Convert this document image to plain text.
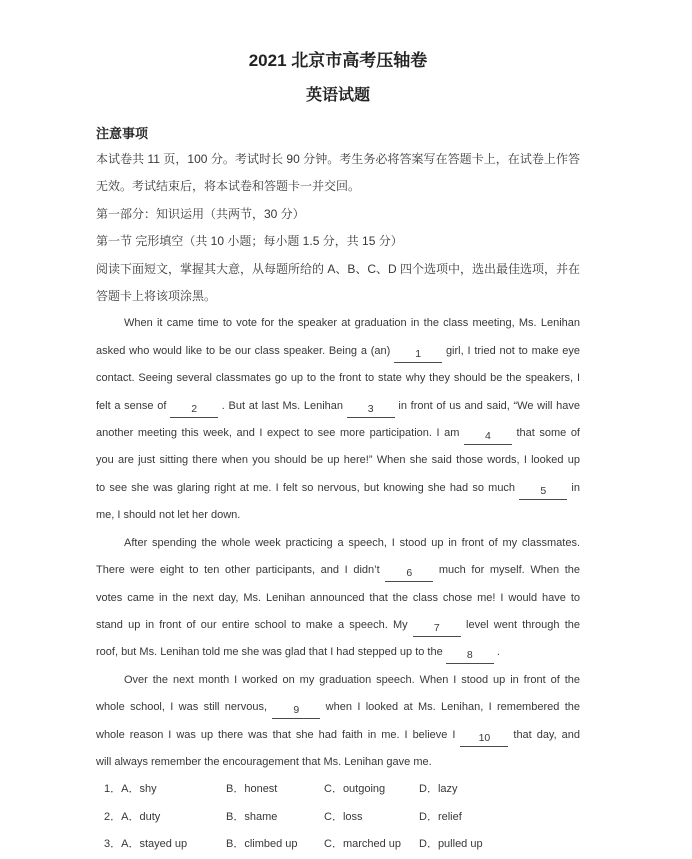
2021 北京市高考压轴卷
英语试题
注意事项
本试卷共 11 页，100 分。考试时长 90 分钟。考生务必将答案写在答题卡上，在试卷上作答
无效。考试结束后，将本试卷和答题卡一并交回。
第一部分：知识运用（共两节，30 分）
第一节 完形填空（共 10 小题；每小题 1.5 分，共 15 分）
阅读下面短文，掌握其大意，从每题所给的 A、B、C、D 四个选项中，选出最佳选项，并在
答题卡上将该项涂黑。
When it came time to vote for the speaker at graduation in the class meeting, Ms. Lenihan
asked who would like to be our class speaker. Being a (an) 1 girl, I tried not to make eye
contact. Seeing several classmates go up to the front to state why they should be the speakers, I
felt a sense of 2 . But at last Ms. Lenihan 3 in front of us and said, “We will have
another meeting this week, and I expect to see more participation. I am 4 that some of
you are just sitting there when you should be up here!” When she said those words, I looked up
to see she was glaring right at me. I felt so nervous, but knowing she had so much 5 in
me, I should not let her down.
After spending the whole week practicing a speech, I stood up in front of my classmates.
There were eight to ten other participants, and I didn’t 6 much for myself. When the
votes came in the next day, Ms. Lenihan announced that the class chose me! I would have to
stand up in front of our entire school to make a speech. My 7 level went through the
roof, but Ms. Lenihan told me she was glad that I had stepped up to the 8 .
Over the next month I worked on my graduation speech. When I stood up in front of the
whole school, I was still nervous, 9 when I looked at Ms. Lenihan, I remembered the
whole reason I was up there was that she had faith in me. I believe I 10 that day, and
will always remember the encouragement that Ms. Lenihan gave me.
1．A．shy	B．honest	C．outgoing	D．lazy
2．A．duty	B．shame	C．loss	D．relief
3．A．stayed up	B．climbed up	C．marched up	D．pulled up
